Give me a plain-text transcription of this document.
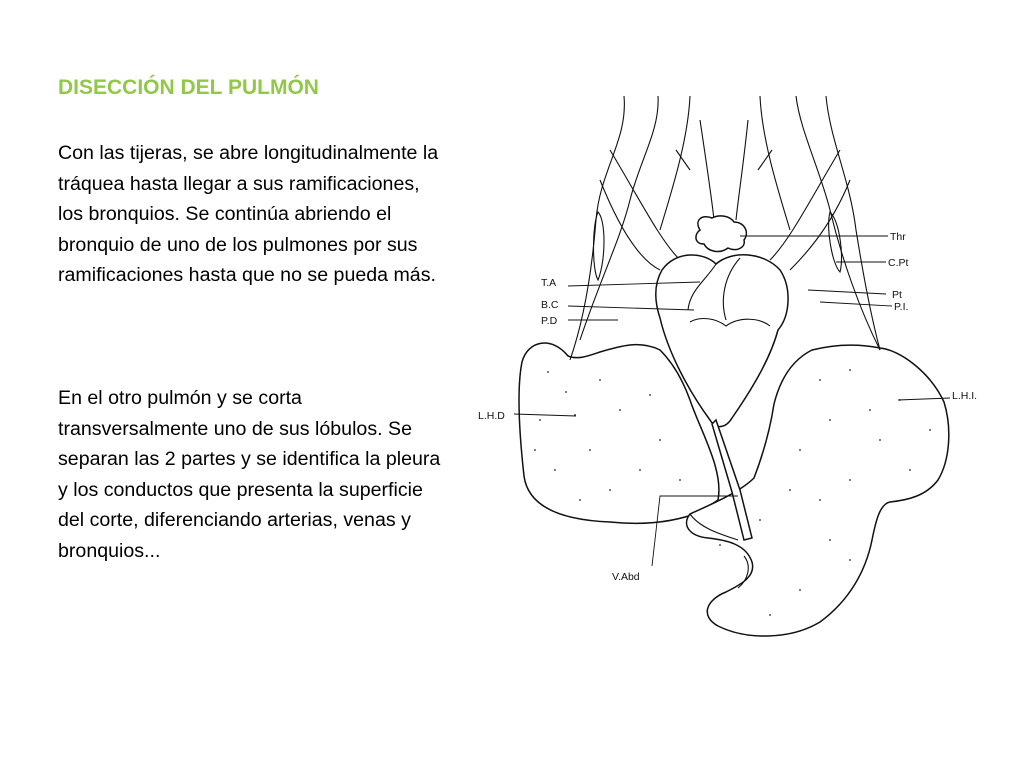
DISECCIÓN DEL PULMÓN

Con las tijeras, se abre longitudinalmente la tráquea hasta llegar a sus ramificaciones, los bronquios. Se continúa abriendo el bronquio de uno de los pulmones por sus ramificaciones hasta que no se pueda más.

En el otro pulmón y se corta transversalmente uno de sus lóbulos. Se separan las 2 partes y se identifica la pleura y los conductos que presenta la superficie del corte, diferenciando arterias, venas y bronquios...

Thr
C.Pt
Pt
P.I.
L.H.I.
T.A
B.C
P.D
L.H.D
V.Abd
